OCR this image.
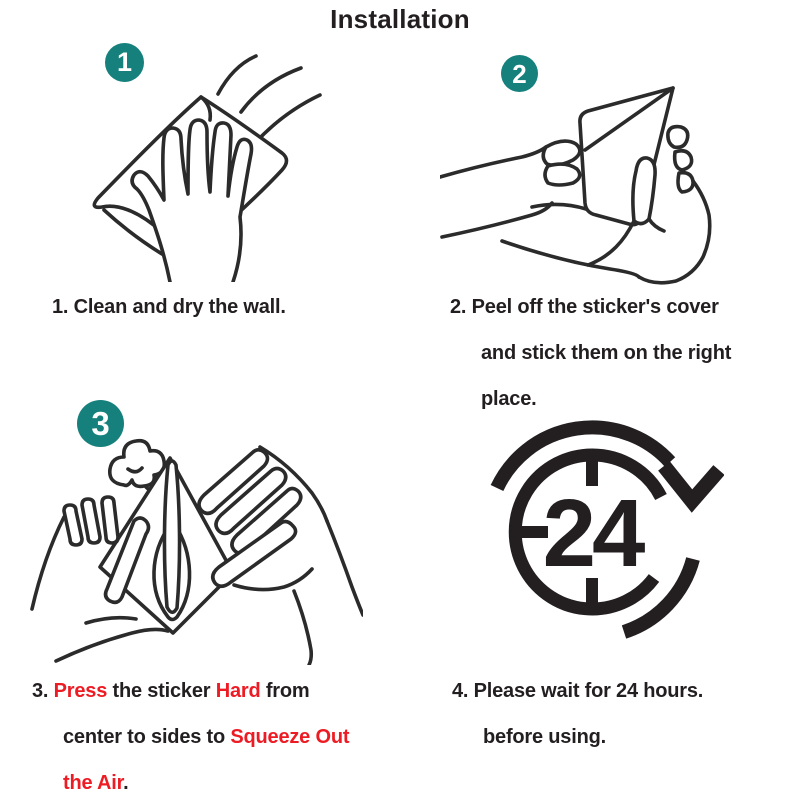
Installation
1
1. Clean and dry the wall.
2
2. Peel off the sticker's cover
and stick them on the right
place.
3
3. Press the sticker Hard from
center to sides to Squeeze Out
the Air.
24
4. Please wait for 24 hours.
before using.
